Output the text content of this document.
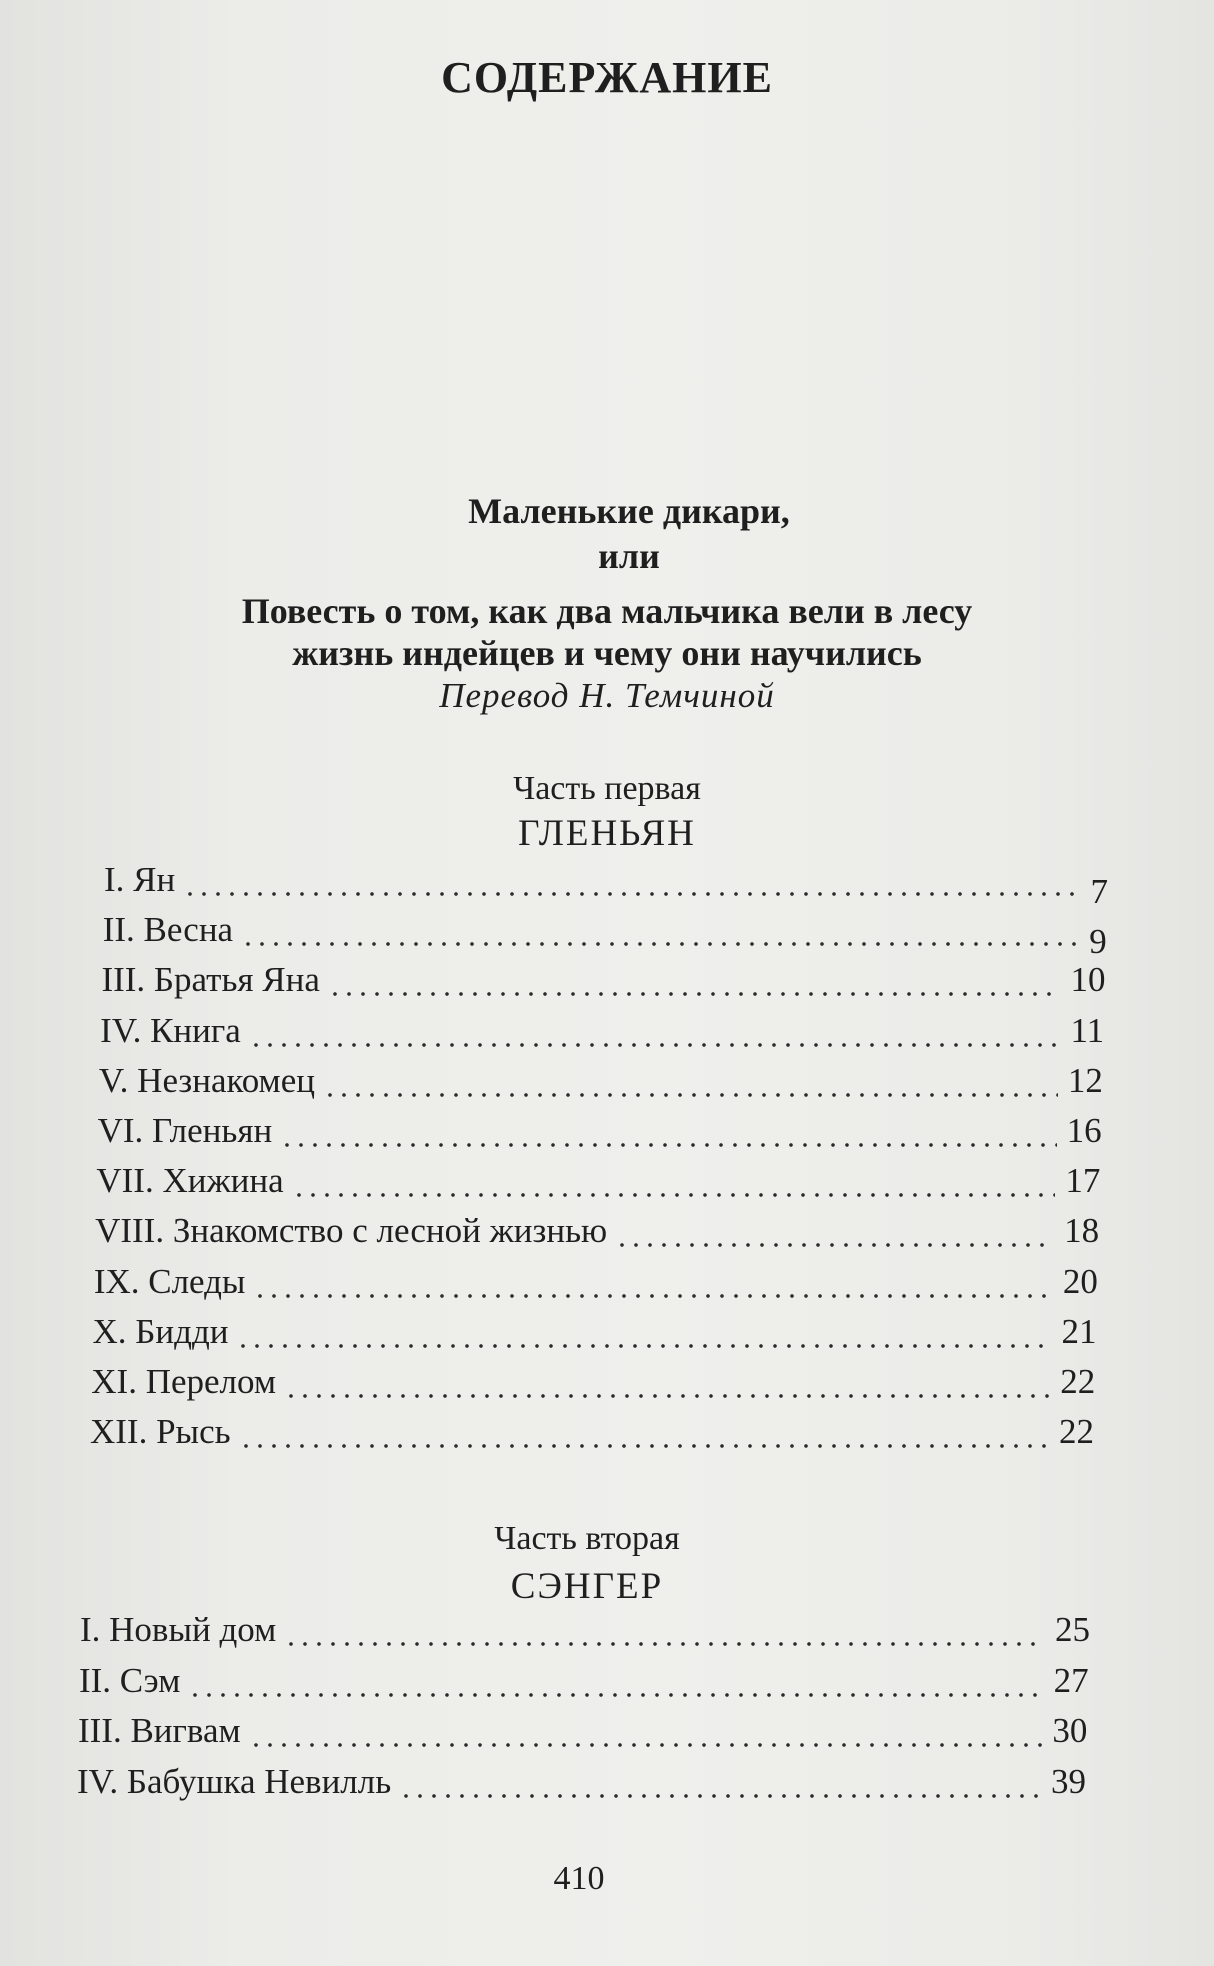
СОДЕРЖАНИЕ
Маленькие дикари,
или
Повесть о том, как два мальчика вели в лесу
жизнь индейцев и чему они научились
Перевод Н. Темчиной
Часть первая
ГЛЕНЬЯН
Часть вторая
СЭНГЕР
I. Ян	7
II. Весна	9
III. Братья Яна	10
IV. Книга	11
V. Незнакомец	12
VI. Гленьян	16
VII. Хижина	17
VIII. Знакомство с лесной жизнью	18
IX. Следы	20
X. Бидди	21
XI. Перелом	22
XII. Рысь	22
I. Новый дом	25
II. Сэм	27
III. Вигвам	30
IV. Бабушка Невилль	39
410
